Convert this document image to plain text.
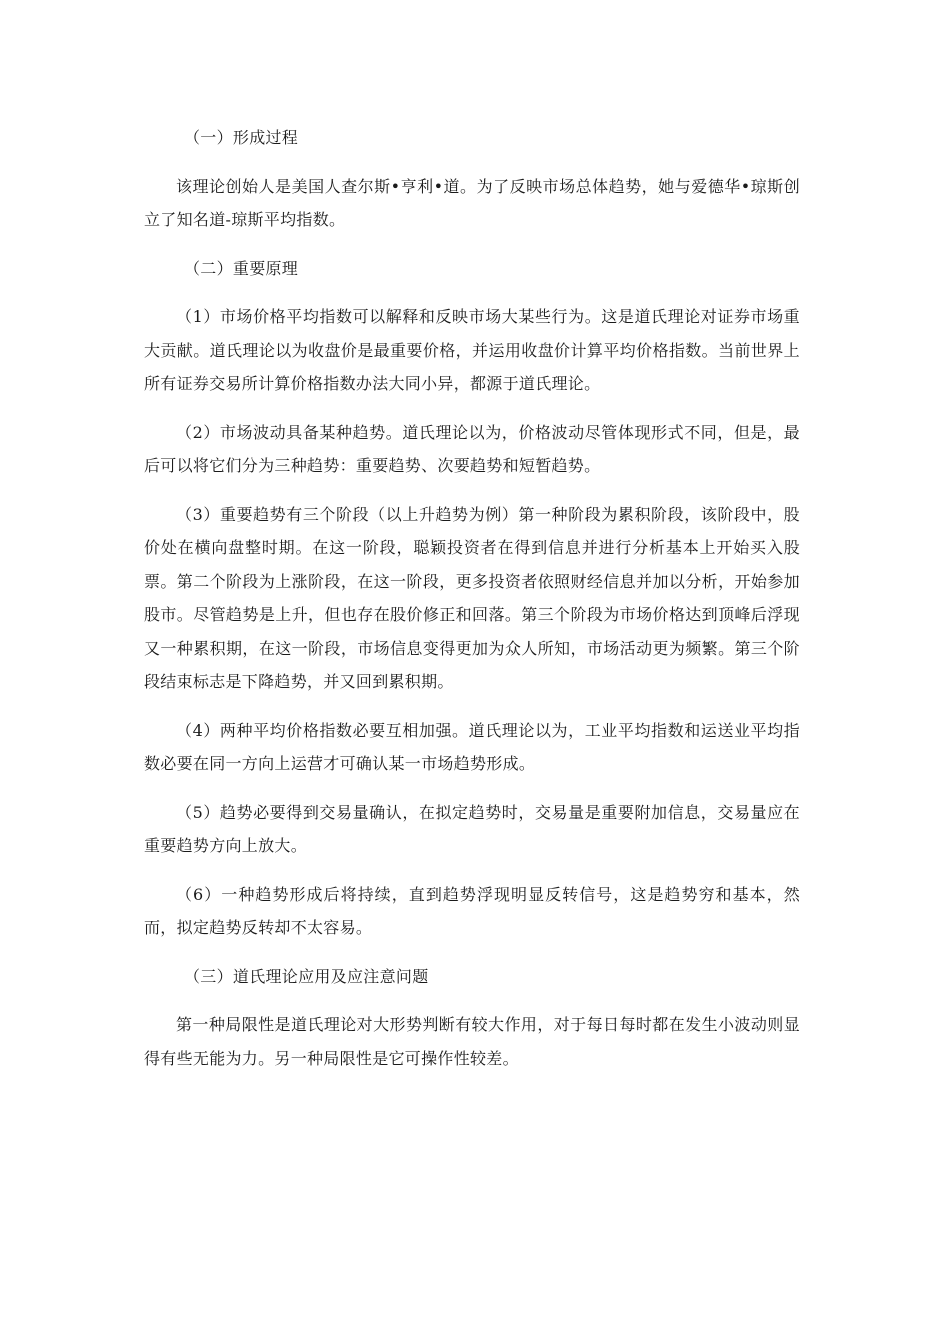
（一）形成过程

该理论创始人是美国人查尔斯•亨利•道。为了反映市场总体趋势，她与爱德华•琼斯创立了知名道-琼斯平均指数。

（二）重要原理

（1）市场价格平均指数可以解释和反映市场大某些行为。这是道氏理论对证券市场重大贡献。道氏理论以为收盘价是最重要价格，并运用收盘价计算平均价格指数。当前世界上所有证券交易所计算价格指数办法大同小异，都源于道氏理论。

（2）市场波动具备某种趋势。道氏理论以为，价格波动尽管体现形式不同，但是，最后可以将它们分为三种趋势：重要趋势、次要趋势和短暂趋势。

（3）重要趋势有三个阶段（以上升趋势为例）第一种阶段为累积阶段，该阶段中，股价处在横向盘整时期。在这一阶段，聪颖投资者在得到信息并进行分析基本上开始买入股票。第二个阶段为上涨阶段，在这一阶段，更多投资者依照财经信息并加以分析，开始参加股市。尽管趋势是上升，但也存在股价修正和回落。第三个阶段为市场价格达到顶峰后浮现又一种累积期，在这一阶段，市场信息变得更加为众人所知，市场活动更为频繁。第三个阶段结束标志是下降趋势，并又回到累积期。

（4）两种平均价格指数必要互相加强。道氏理论以为，工业平均指数和运送业平均指数必要在同一方向上运营才可确认某一市场趋势形成。

（5）趋势必要得到交易量确认，在拟定趋势时，交易量是重要附加信息，交易量应在重要趋势方向上放大。

（6）一种趋势形成后将持续，直到趋势浮现明显反转信号，这是趋势穷和基本，然而，拟定趋势反转却不太容易。

（三）道氏理论应用及应注意问题

第一种局限性是道氏理论对大形势判断有较大作用，对于每日每时都在发生小波动则显得有些无能为力。另一种局限性是它可操作性较差。
